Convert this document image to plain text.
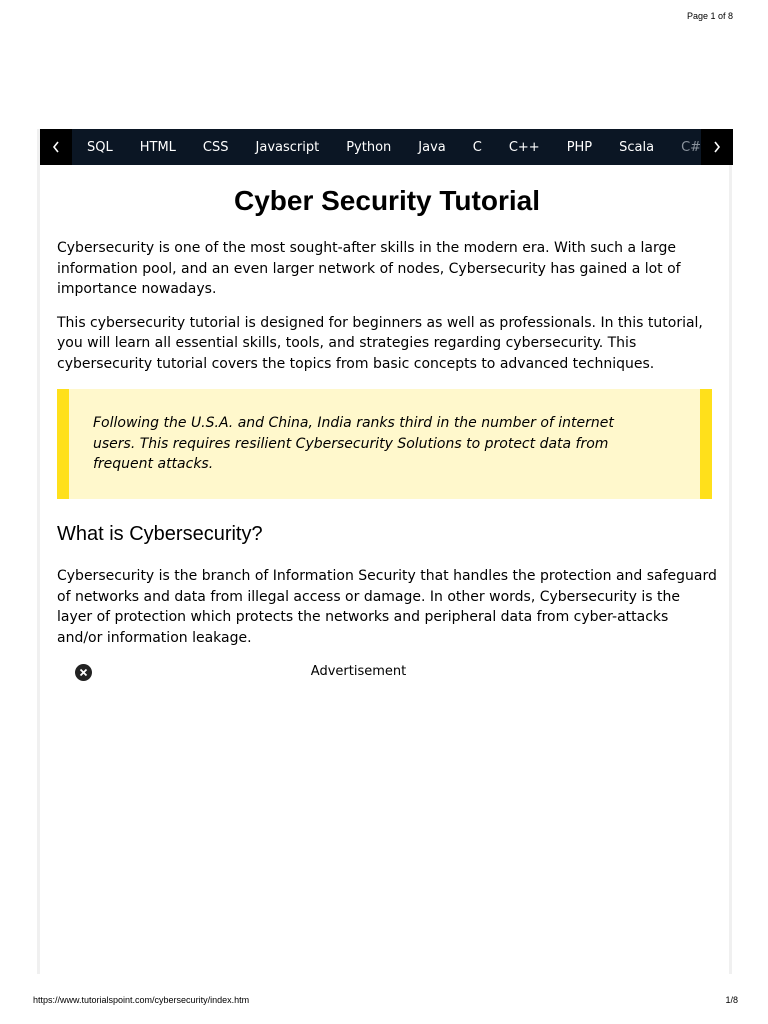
Page 1 of 8
SQL HTML CSS Javascript Python Java C C++ PHP Scala C#
Cyber Security Tutorial

Cybersecurity is one of the most sought-after skills in the modern era. With such a large information pool, and an even larger network of nodes, Cybersecurity has gained a lot of importance nowadays.

This cybersecurity tutorial is designed for beginners as well as professionals. In this tutorial, you will learn all essential skills, tools, and strategies regarding cybersecurity. This cybersecurity tutorial covers the topics from basic concepts to advanced techniques.

Following the U.S.A. and China, India ranks third in the number of internet users. This requires resilient Cybersecurity Solutions to protect data from frequent attacks.

What is Cybersecurity?

Cybersecurity is the branch of Information Security that handles the protection and safeguard of networks and data from illegal access or damage. In other words, Cybersecurity is the layer of protection which protects the networks and peripheral data from cyber-attacks and/or information leakage.

Advertisement
https://www.tutorialspoint.com/cybersecurity/index.htm	1/8
